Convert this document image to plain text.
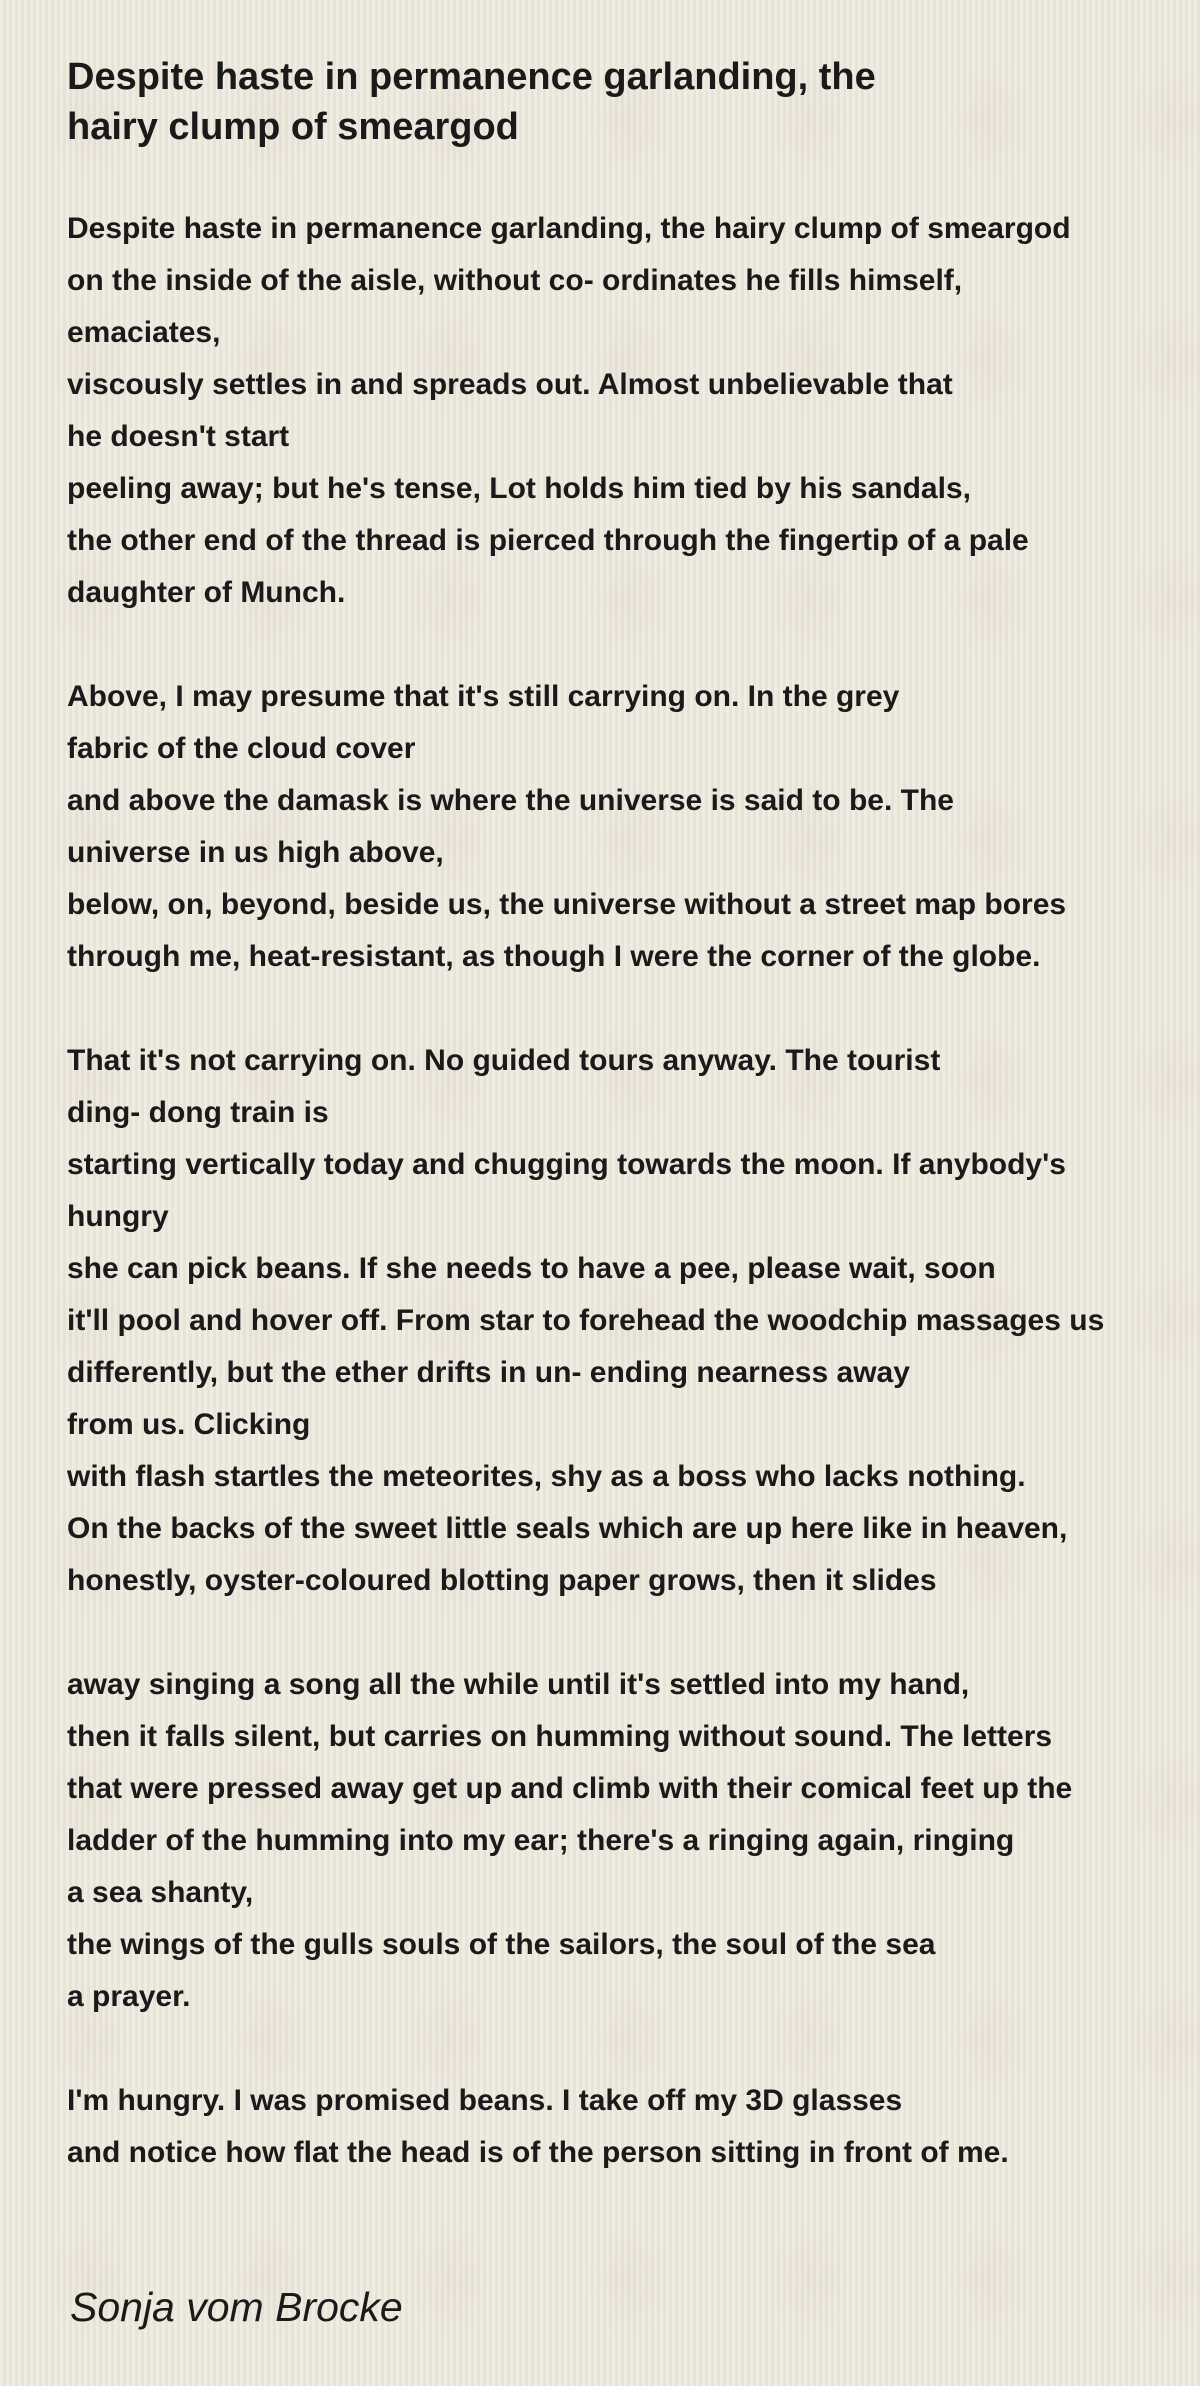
Despite haste in permanence garlanding, the
hairy clump of smeargod
Despite haste in permanence garlanding, the hairy clump of smeargod
on the inside of the aisle, without co- ordinates he fills himself,
emaciates,
viscously settles in and spreads out. Almost unbelievable that
he doesn't start
peeling away; but he's tense, Lot holds him tied by his sandals,
the other end of the thread is pierced through the fingertip of a pale
daughter of Munch.
Above, I may presume that it's still carrying on. In the grey
fabric of the cloud cover
and above the damask is where the universe is said to be. The
universe in us high above,
below, on, beyond, beside us, the universe without a street map bores
through me, heat-resistant, as though I were the corner of the globe.
That it's not carrying on. No guided tours anyway. The tourist
ding- dong train is
starting vertically today and chugging towards the moon. If anybody's
hungry
she can pick beans. If she needs to have a pee, please wait, soon
it'll pool and hover off. From star to forehead the woodchip massages us
differently, but the ether drifts in un- ending nearness away
from us. Clicking
with flash startles the meteorites, shy as a boss who lacks nothing.
On the backs of the sweet little seals which are up here like in heaven,
honestly, oyster-coloured blotting paper grows, then it slides
away singing a song all the while until it's settled into my hand,
then it falls silent, but carries on humming without sound. The letters
that were pressed away get up and climb with their comical feet up the
ladder of the humming into my ear; there's a ringing again, ringing
a sea shanty,
the wings of the gulls souls of the sailors, the soul of the sea
a prayer.
I'm hungry. I was promised beans. I take off my 3D glasses
and notice how flat the head is of the person sitting in front of me.

Sonja vom Brocke
